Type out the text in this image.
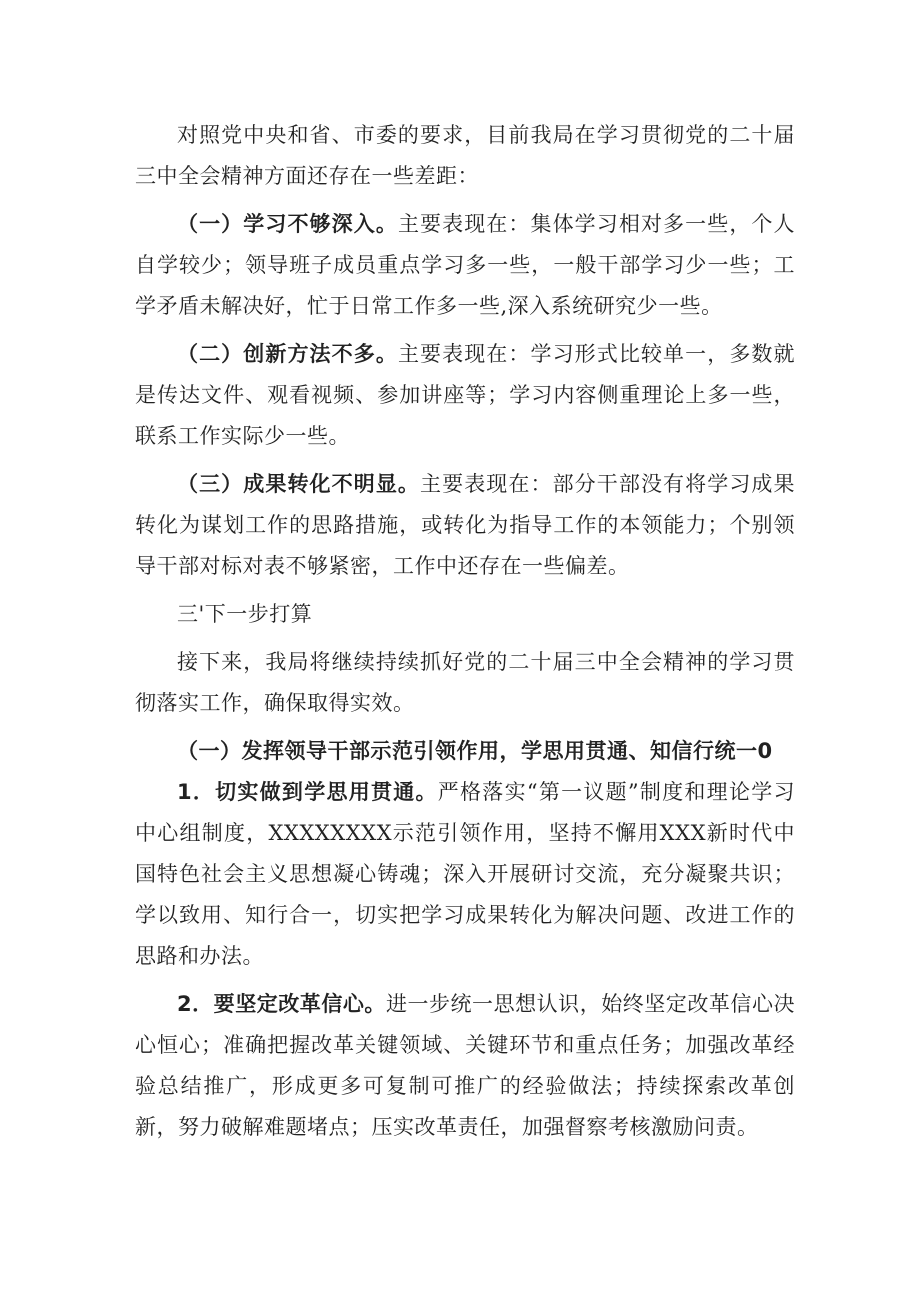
对照党中央和省、市委的要求，目前我局在学习贯彻党的二十届三中全会精神方面还存在一些差距：

（一）学习不够深入。主要表现在：集体学习相对多一些，个人自学较少；领导班子成员重点学习多一些，一般干部学习少一些；工学矛盾未解决好，忙于日常工作多一些,深入系统研究少一些。

（二）创新方法不多。主要表现在：学习形式比较单一，多数就是传达文件、观看视频、参加讲座等；学习内容侧重理论上多一些，联系工作实际少一些。

（三）成果转化不明显。主要表现在：部分干部没有将学习成果转化为谋划工作的思路措施，或转化为指导工作的本领能力；个别领导干部对标对表不够紧密，工作中还存在一些偏差。

三'下一步打算

接下来，我局将继续持续抓好党的二十届三中全会精神的学习贯彻落实工作，确保取得实效。

（一）发挥领导干部示范引领作用，学思用贯通、知信行统一0

1．切实做到学思用贯通。严格落实“第一议题”制度和理论学习中心组制度，XXXXXXXX示范引领作用，坚持不懈用XXX新时代中国特色社会主义思想凝心铸魂；深入开展研讨交流，充分凝聚共识；学以致用、知行合一，切实把学习成果转化为解决问题、改进工作的思路和办法。

2．要坚定改革信心。进一步统一思想认识，始终坚定改革信心决心恒心；准确把握改革关键领域、关键环节和重点任务；加强改革经验总结推广，形成更多可复制可推广的经验做法；持续探索改革创新，努力破解难题堵点；压实改革责任，加强督察考核激励问责。
